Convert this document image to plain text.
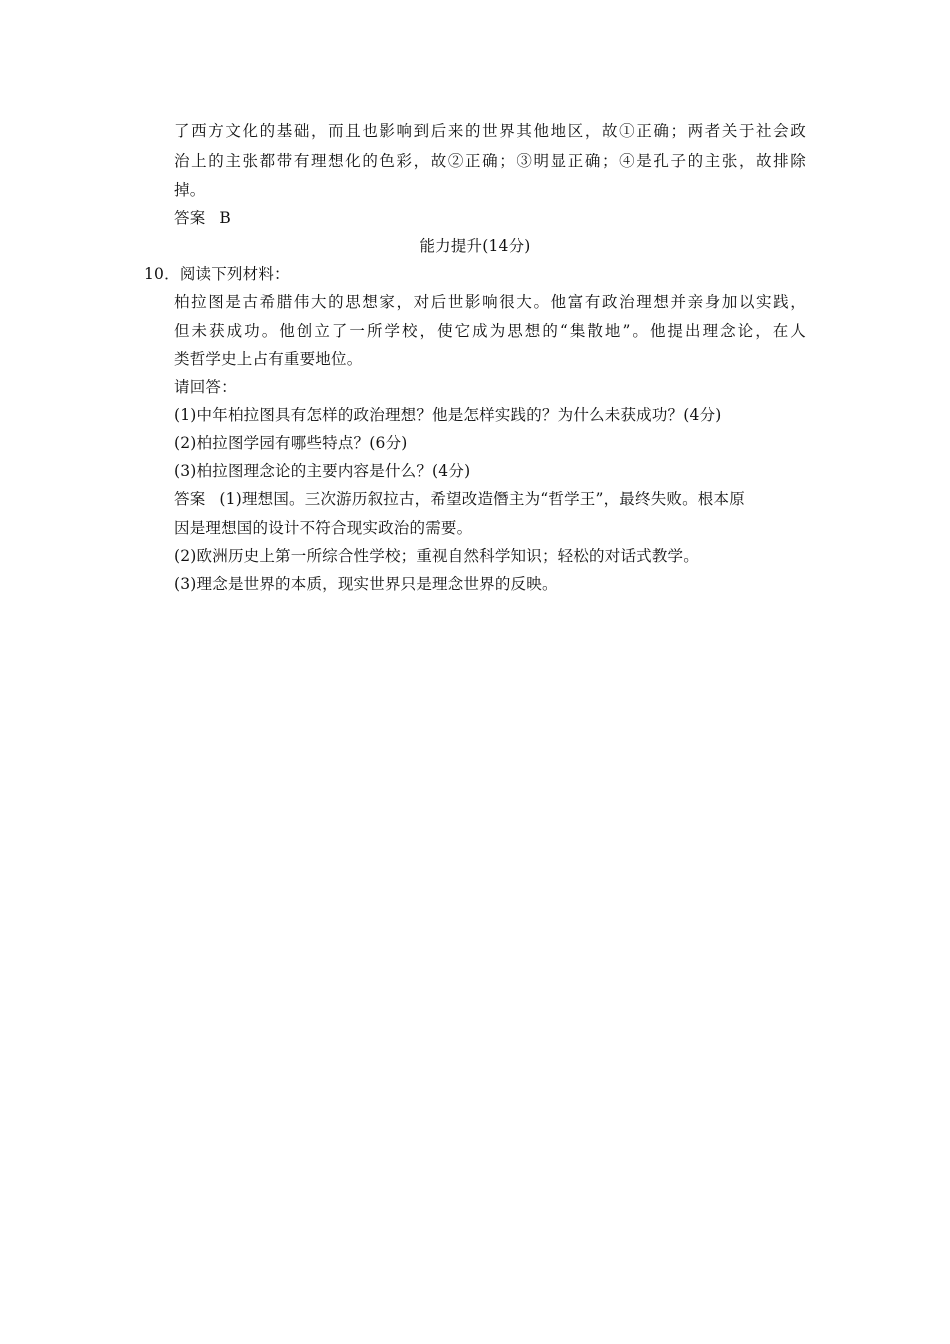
了西方文化的基础，而且也影响到后来的世界其他地区，故①正确；两者关于社会政
治上的主张都带有理想化的色彩，故②正确；③明显正确；④是孔子的主张，故排除
掉。
答案 B
能力提升(14分)
10．阅读下列材料：
柏拉图是古希腊伟大的思想家，对后世影响很大。他富有政治理想并亲身加以实践，
但未获成功。他创立了一所学校，使它成为思想的“集散地”。他提出理念论，在人
类哲学史上占有重要地位。
请回答：
(1)中年柏拉图具有怎样的政治理想？他是怎样实践的？为什么未获成功？(4分)
(2)柏拉图学园有哪些特点？(6分)
(3)柏拉图理念论的主要内容是什么？(4分)
答案 (1)理想国。三次游历叙拉古，希望改造僭主为“哲学王”，最终失败。根本原
因是理想国的设计不符合现实政治的需要。
(2)欧洲历史上第一所综合性学校；重视自然科学知识；轻松的对话式教学。
(3)理念是世界的本质，现实世界只是理念世界的反映。
